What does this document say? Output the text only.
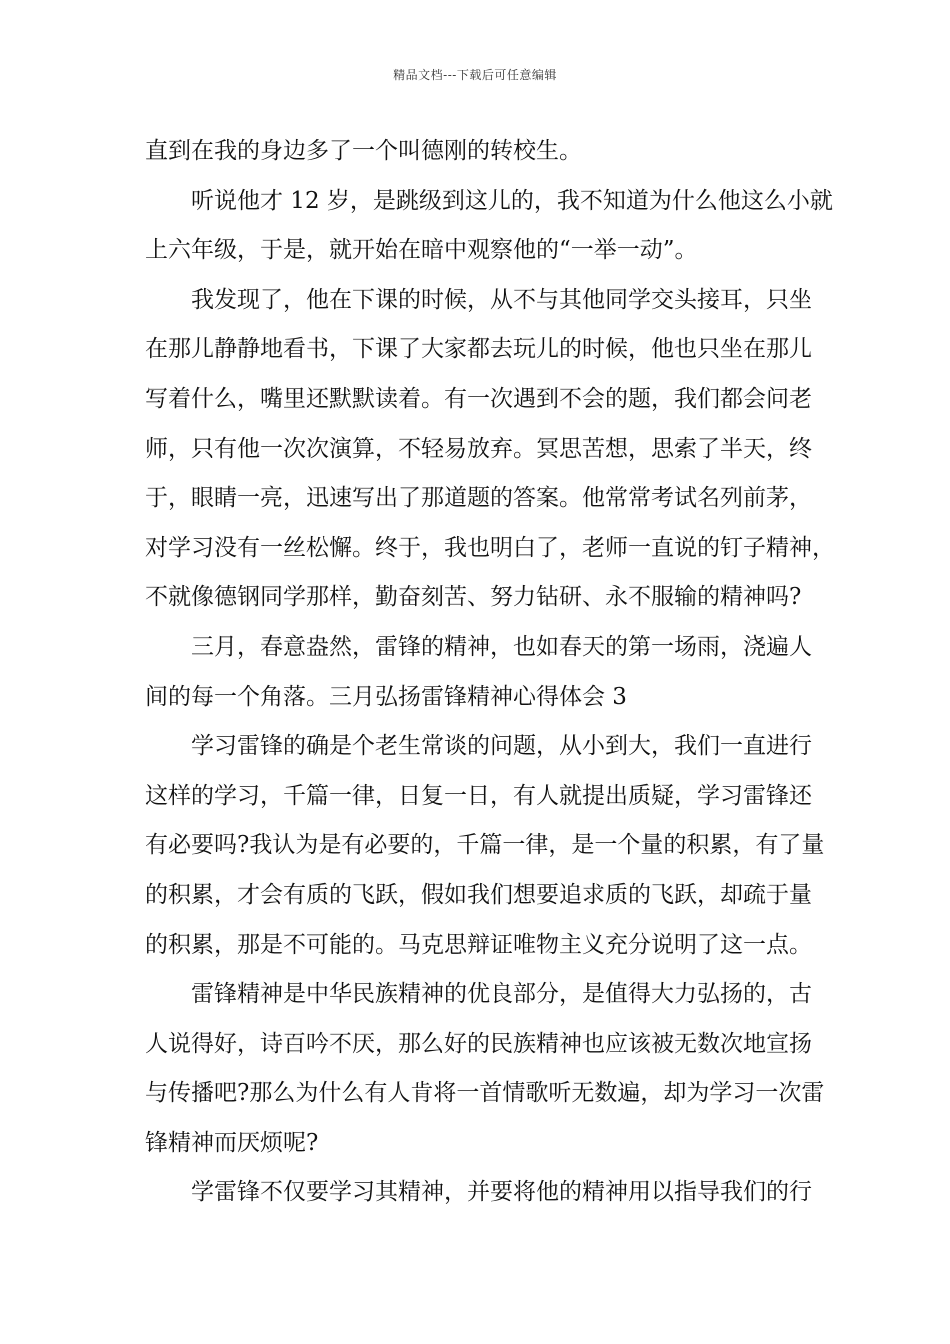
精品文档---下载后可任意编辑
直到在我的身边多了一个叫德刚的转校生。
听说他才 12 岁，是跳级到这儿的，我不知道为什么他这么小就
上六年级，于是，就开始在暗中观察他的“一举一动”。
我发现了，他在下课的时候，从不与其他同学交头接耳，只坐
在那儿静静地看书，下课了大家都去玩儿的时候，他也只坐在那儿
写着什么，嘴里还默默读着。有一次遇到不会的题，我们都会问老
师，只有他一次次演算，不轻易放弃。冥思苦想，思索了半天，终
于，眼睛一亮，迅速写出了那道题的答案。他常常考试名列前茅，
对学习没有一丝松懈。终于，我也明白了，老师一直说的钉子精神，
不就像德钢同学那样，勤奋刻苦、努力钻研、永不服输的精神吗?
三月，春意盎然，雷锋的精神，也如春天的第一场雨，浇遍人
间的每一个角落。三月弘扬雷锋精神心得体会 3
学习雷锋的确是个老生常谈的问题，从小到大，我们一直进行
这样的学习，千篇一律，日复一日，有人就提出质疑，学习雷锋还
有必要吗?我认为是有必要的，千篇一律，是一个量的积累，有了量
的积累，才会有质的飞跃，假如我们想要追求质的飞跃，却疏于量
的积累，那是不可能的。马克思辩证唯物主义充分说明了这一点。
雷锋精神是中华民族精神的优良部分，是值得大力弘扬的，古
人说得好，诗百吟不厌，那么好的民族精神也应该被无数次地宣扬
与传播吧?那么为什么有人肯将一首情歌听无数遍，却为学习一次雷
锋精神而厌烦呢?
学雷锋不仅要学习其精神，并要将他的精神用以指导我们的行
